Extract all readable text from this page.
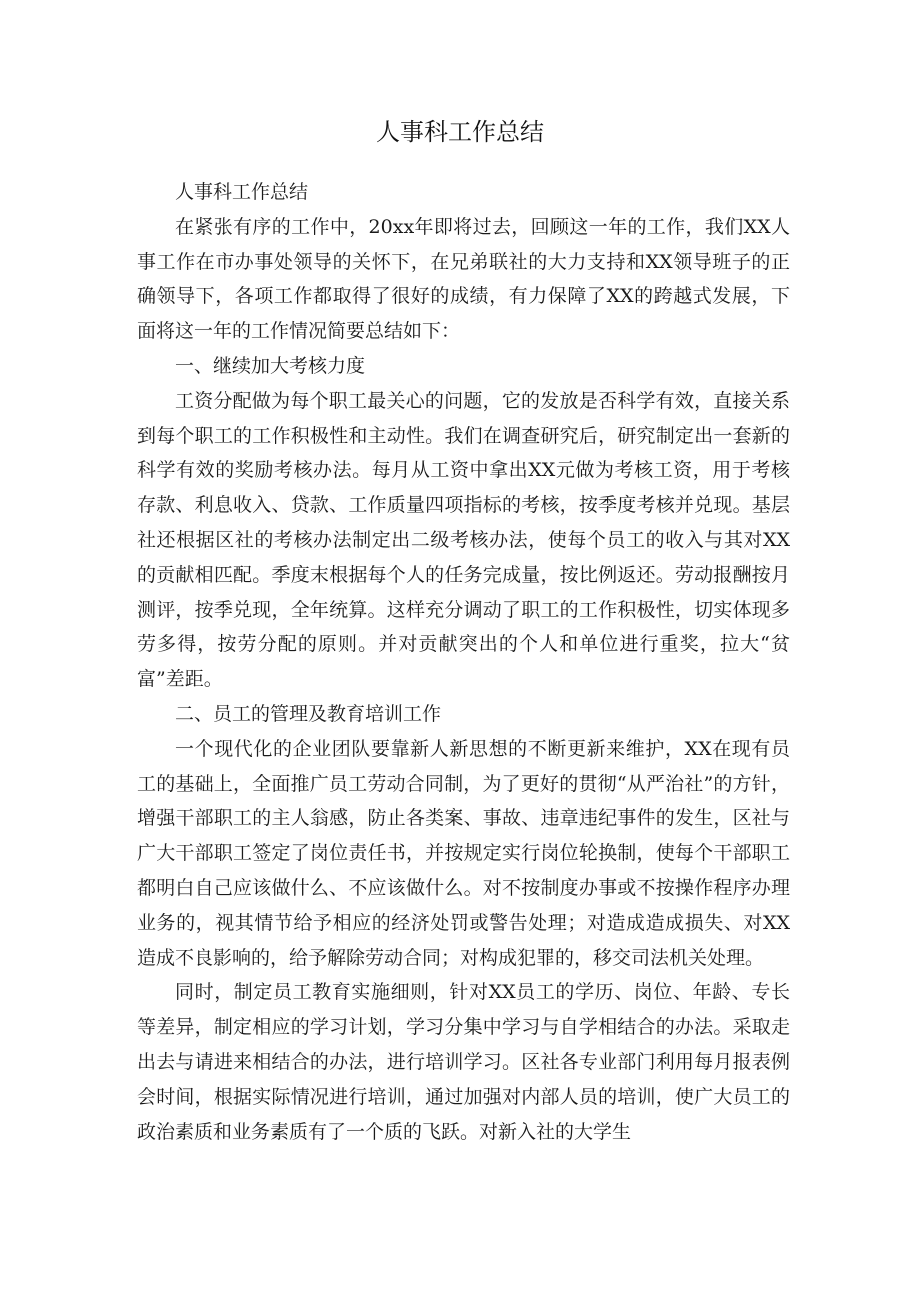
人事科工作总结

人事科工作总结

在紧张有序的工作中，20xx年即将过去，回顾这一年的工作，我们XX人事工作在市办事处领导的关怀下，在兄弟联社的大力支持和XX领导班子的正确领导下，各项工作都取得了很好的成绩，有力保障了XX的跨越式发展，下面将这一年的工作情况简要总结如下：

一、继续加大考核力度

工资分配做为每个职工最关心的问题，它的发放是否科学有效，直接关系到每个职工的工作积极性和主动性。我们在调查研究后，研究制定出一套新的科学有效的奖励考核办法。每月从工资中拿出XX元做为考核工资，用于考核存款、利息收入、贷款、工作质量四项指标的考核，按季度考核并兑现。基层社还根据区社的考核办法制定出二级考核办法，使每个员工的收入与其对XX的贡献相匹配。季度末根据每个人的任务完成量，按比例返还。劳动报酬按月测评，按季兑现，全年统算。这样充分调动了职工的工作积极性，切实体现多劳多得，按劳分配的原则。并对贡献突出的个人和单位进行重奖，拉大“贫富”差距。

二、员工的管理及教育培训工作

一个现代化的企业团队要靠新人新思想的不断更新来维护，XX在现有员工的基础上，全面推广员工劳动合同制，为了更好的贯彻“从严治社”的方针，增强干部职工的主人翁感，防止各类案、事故、违章违纪事件的发生，区社与广大干部职工签定了岗位责任书，并按规定实行岗位轮换制，使每个干部职工都明白自己应该做什么、不应该做什么。对不按制度办事或不按操作程序办理业务的，视其情节给予相应的经济处罚或警告处理；对造成造成损失、对XX造成不良影响的，给予解除劳动合同；对构成犯罪的，移交司法机关处理。

同时，制定员工教育实施细则，针对XX员工的学历、岗位、年龄、专长等差异，制定相应的学习计划，学习分集中学习与自学相结合的办法。采取走出去与请进来相结合的办法，进行培训学习。区社各专业部门利用每月报表例会时间，根据实际情况进行培训，通过加强对内部人员的培训，使广大员工的政治素质和业务素质有了一个质的飞跃。对新入社的大学生
